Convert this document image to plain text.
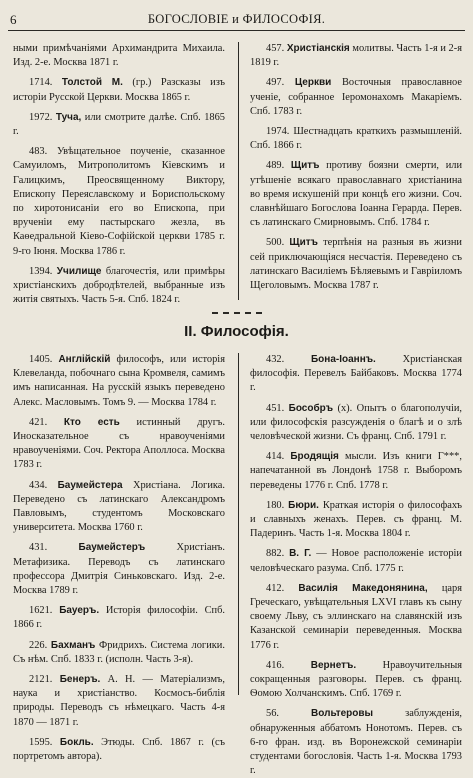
6	БОГОСЛОВІЕ и ФИЛОСОФІЯ.

ными примѣчаніями Архимандрита Михаила. Изд. 2-е. Москва 1871 г.

1714. Толстой М. (гр.) Разсказы изъ исторіи Русской Церкви. Москва 1865 г.

1972. Туча, или смотрите далѣе. Спб. 1865 г.

483. Увѣщательное поученіе, сказанное Самуиломъ, Митрополитомъ Кіевскимъ и Галицкимъ, Преосвященному Виктору, Епископу Переяславскому и Бориспольскому по хиротонисаніи его во Епископа, при врученіи ему пастырскаго жезла, въ Каѳедральной Кіево-Софійской церкви 1785 г. 9-го Іюня. Москва 1786 г.

1394. Училище благочестія, или примѣры христіанскихъ добродѣтелей, выбранные изъ житія святыхъ. Часть 5-я. Спб. 1824 г.

457. Христіанскія молитвы. Часть 1-я и 2-я 1819 г.

497. Церкви Восточныя православное ученіе, собранное Іеромонахомъ Макаріемъ. Спб. 1783 г.

1974. Шестнадцать краткихъ размышленій. Спб. 1866 г.

489. Щитъ противу боязни смерти, или утѣшеніе всякаго православнаго христіанина во время искушеній при концѣ его жизни. Соч. славнѣйшаго Богослова Іоанна Герарда. Перев. съ латинскаго Смирновымъ. Спб. 1784 г.

500. Щитъ терпѣнія на разныя въ жизни сей приключающіяся несчастія. Переведено съ латинскаго Василіемъ Бѣляевымъ и Гавріиломъ Щеголовымъ. Москва 1787 г.

II. Философія.

1405. Англійскій философъ, или исторія Клевеланда, побочнаго сына Кромвеля, самимъ имъ написанная. На русскій языкъ переведено Алекс. Масловымъ. Томъ 9. — Москва 1784 г.

421. Кто есть истинный другъ. Иносказательное съ нравоученіями нравоученіями. Соч. Ректора Аполлоса. Москва 1783 г.

434. Баумейстера Христіана. Логика. Переведено съ латинскаго Александромъ Павловымъ, студентомъ Московскаго университета. Москва 1760 г.

431.	Баумейстеръ	Христіанъ. Метафизика. Переводъ съ латинскаго профессора Дмитрія Синьковскаго. Изд. 2-е. Москва 1789 г.

1621. Бауеръ. Исторія философіи. Спб. 1866 г.

226. Бахманъ Фридрихъ. Система логики. Съ нѣм. Спб. 1833 г. (исполн. Часть 3-я).

2121. Бенеръ. А. Н. — Матеріализмъ, наука и христіанство. Космосъ-библія природы. Переводъ съ нѣмецкаго. Часть 4-я 1870 — 1871 г.

1595. Бокль. Этюды. Спб. 1867 г. (съ портретомъ автора).

432.	Бона-Іоаннъ.	Христіанская философія. Перевелъ Байбаковъ. Москва 1774 г.

451. Бособръ (х). Опытъ о благополучіи, или философскія разсужденія о благѣ и о злѣ человѣческой жизни. Съ франц. Спб. 1791 г.

414. Бродящія мысли. Изъ книги Г***, напечатанной въ Лондонѣ 1758 г. Выборомъ переведены 1776 г. Спб. 1778 г.

180. Бюри. Краткая исторія о философахъ и славныхъ женахъ. Перев. съ франц. М. Падеринъ. Часть 1-я. Москва 1804 г.

882. В. Г. — Новое расположеніе исторіи человѣческаго разума. Спб. 1775 г.

412. Василія Македонянина, царя Греческаго, увѣщательныя LXVI главъ къ сыну своему Льву, съ эллинскаго на славянскій изъ Казанской семинаріи переведенныя. Москва 1776 г.

416.	Вернетъ.	Нравоучительныя сокращенныя разговоры. Перев. съ франц. Ѳомою Холчанскимъ. Спб. 1769 г.

56.	Вольтеровы	заблужденія, обнаруженныя аббатомъ Нонотомъ. Перев. съ 6-го фран. изд. въ Воронежской семинаріи студентами богословія. Часть 1-я. Москва 1793 г.
